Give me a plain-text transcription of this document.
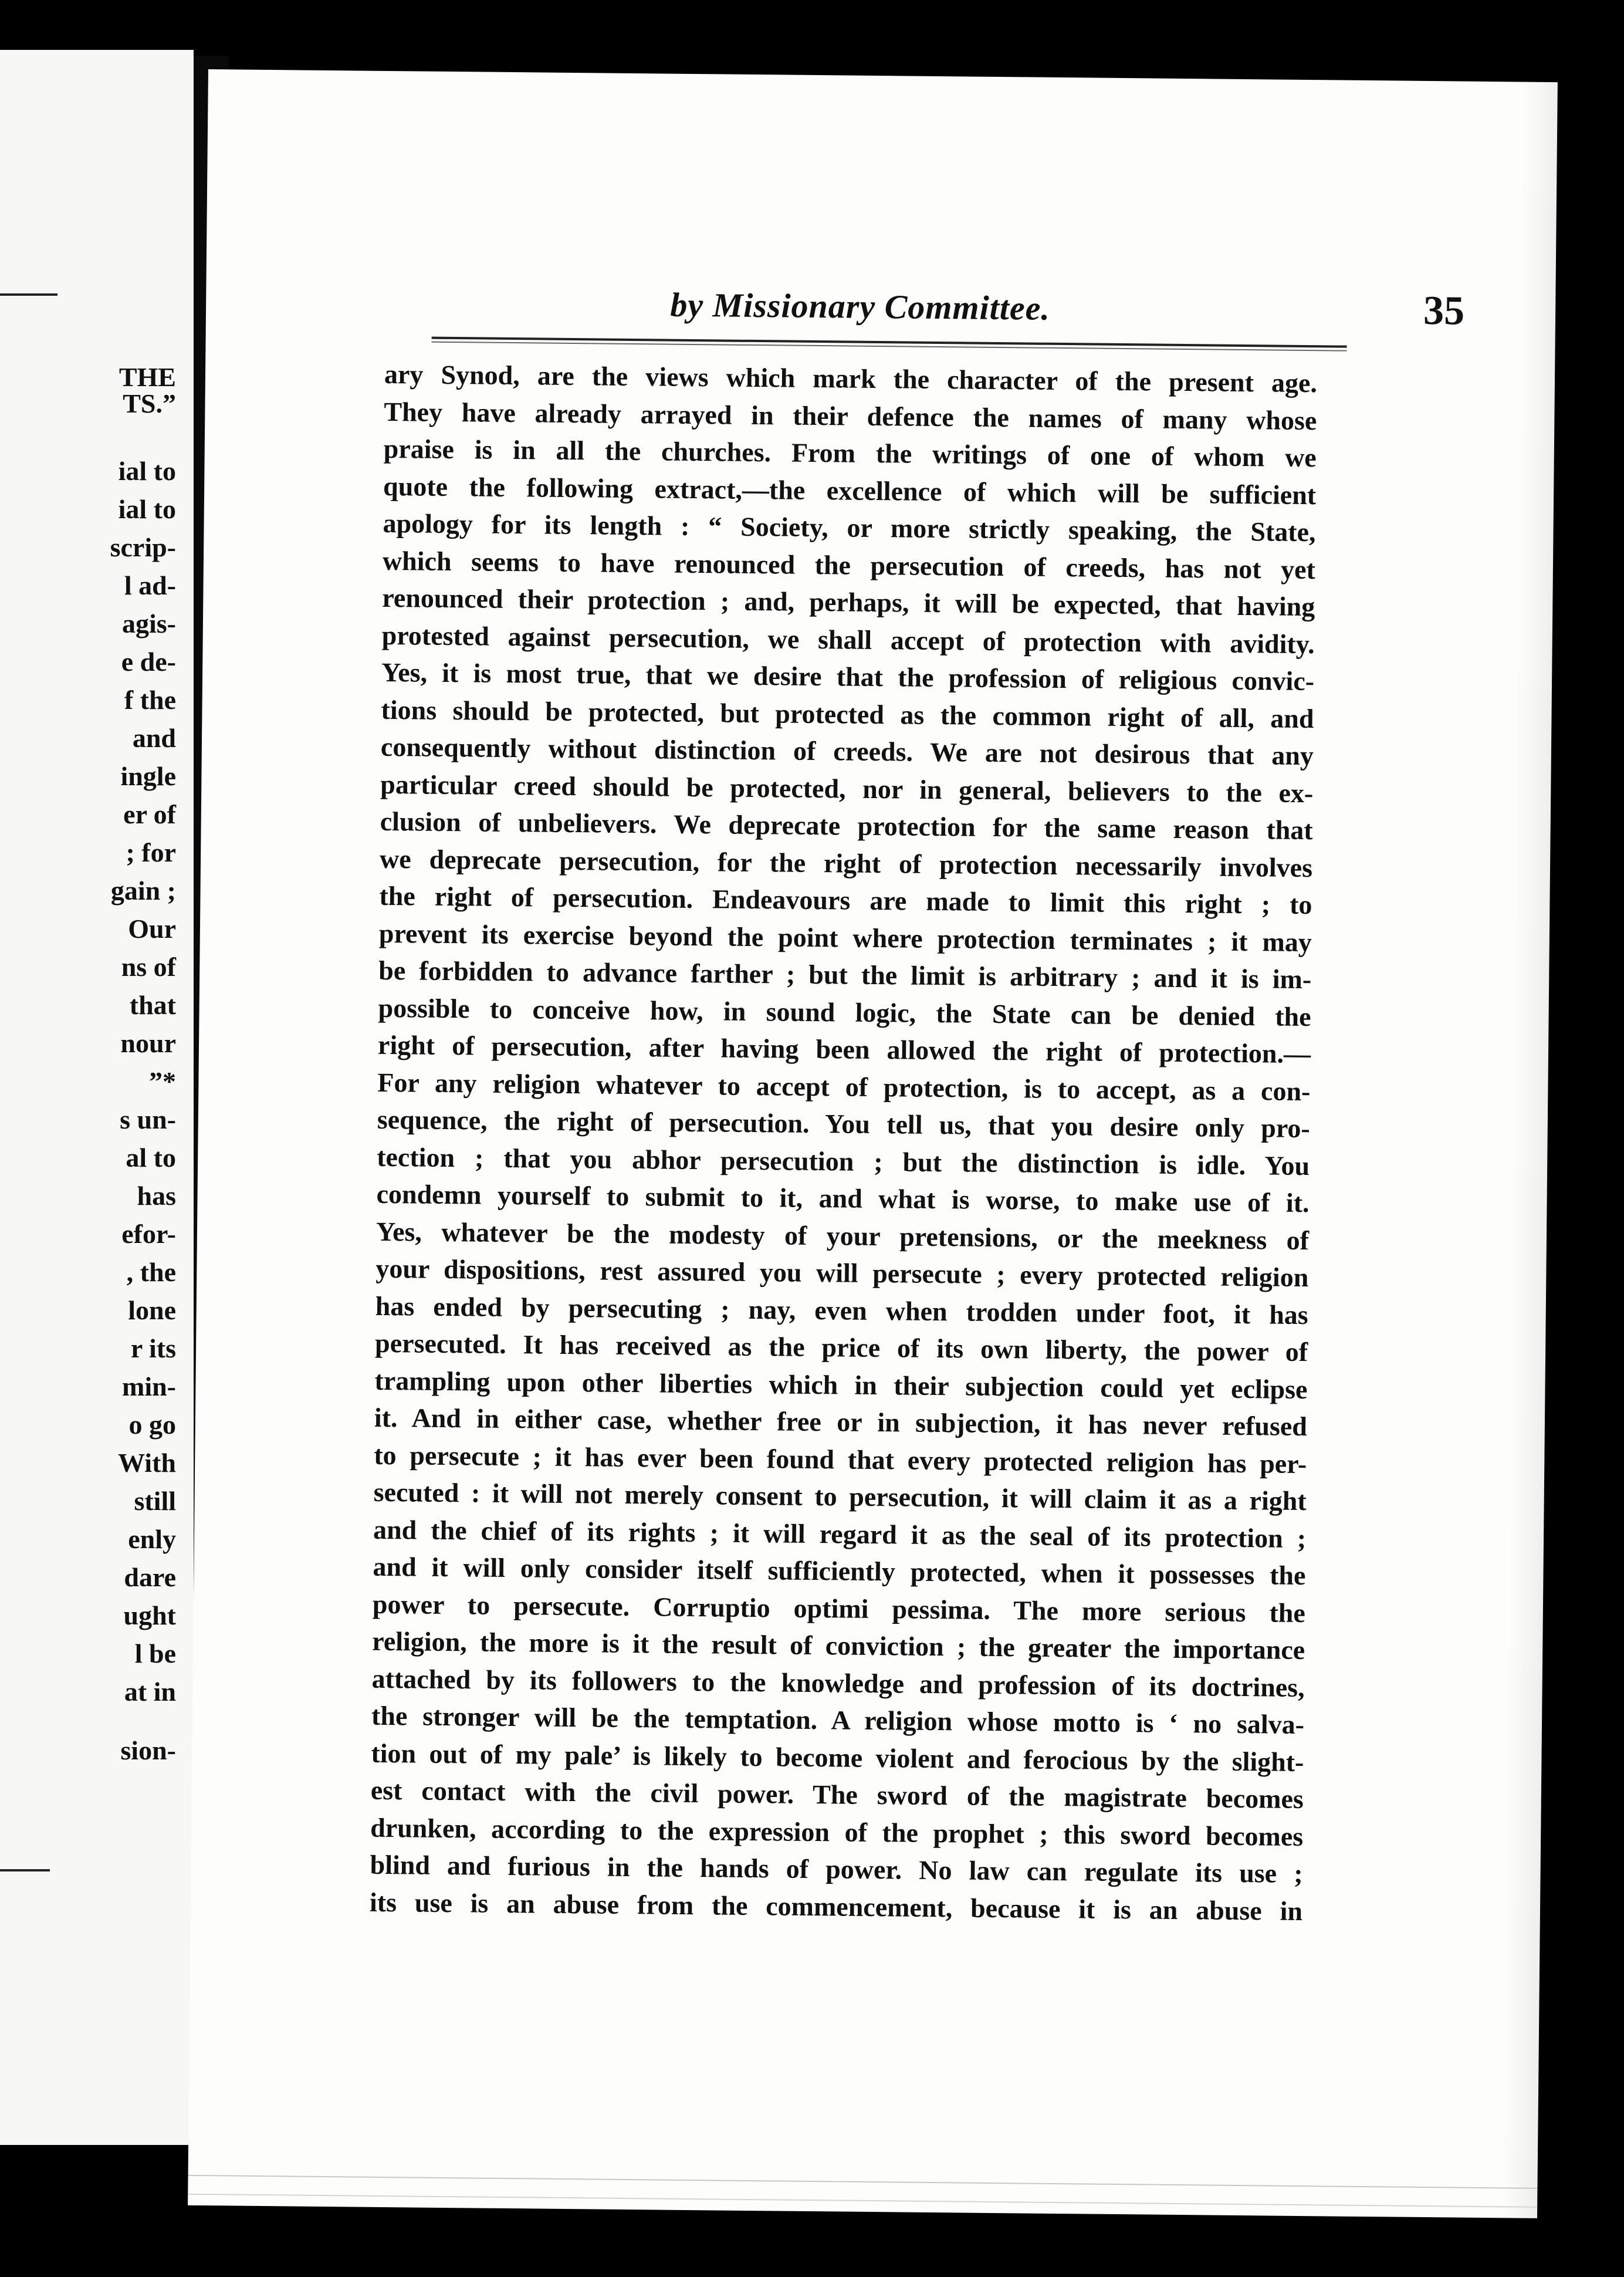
THE
TS.”
ial to
ial to
scrip-
l ad-
agis-
e de-
f the
and
ingle
er of
; for
gain ;
Our
ns of
that
nour
”*
s un-
al to
has
efor-
, the
lone
r its
min-
o go
With
still
enly
dare
ught
l be
at in
sion-
by Missionary Committee.	35
ary Synod, are the views which mark the character of the present age.
They have already arrayed in their defence the names of many whose
praise is in all the churches. From the writings of one of whom we
quote the following extract,—the excellence of which will be sufficient
apology for its length : “ Society, or more strictly speaking, the State,
which seems to have renounced the persecution of creeds, has not yet
renounced their protection ; and, perhaps, it will be expected, that having
protested against persecution, we shall accept of protection with avidity.
Yes, it is most true, that we desire that the profession of religious convic-
tions should be protected, but protected as the common right of all, and
consequently without distinction of creeds. We are not desirous that any
particular creed should be protected, nor in general, believers to the ex-
clusion of unbelievers. We deprecate protection for the same reason that
we deprecate persecution, for the right of protection necessarily involves
the right of persecution. Endeavours are made to limit this right ; to
prevent its exercise beyond the point where protection terminates ; it may
be forbidden to advance farther ; but the limit is arbitrary ; and it is im-
possible to conceive how, in sound logic, the State can be denied the
right of persecution, after having been allowed the right of protection.—
For any religion whatever to accept of protection, is to accept, as a con-
sequence, the right of persecution. You tell us, that you desire only pro-
tection ; that you abhor persecution ; but the distinction is idle. You
condemn yourself to submit to it, and what is worse, to make use of it.
Yes, whatever be the modesty of your pretensions, or the meekness of
your dispositions, rest assured you will persecute ; every protected religion
has ended by persecuting ; nay, even when trodden under foot, it has
persecuted. It has received as the price of its own liberty, the power of
trampling upon other liberties which in their subjection could yet eclipse
it. And in either case, whether free or in subjection, it has never refused
to persecute ; it has ever been found that every protected religion has per-
secuted : it will not merely consent to persecution, it will claim it as a right
and the chief of its rights ; it will regard it as the seal of its protection ;
and it will only consider itself sufficiently protected, when it possesses the
power to persecute. Corruptio optimi pessima. The more serious the
religion, the more is it the result of conviction ; the greater the importance
attached by its followers to the knowledge and profession of its doctrines,
the stronger will be the temptation. A religion whose motto is ‘ no salva-
tion out of my pale’ is likely to become violent and ferocious by the slight-
est contact with the civil power. The sword of the magistrate becomes
drunken, according to the expression of the prophet ; this sword becomes
blind and furious in the hands of power. No law can regulate its use ;
its use is an abuse from the commencement, because it is an abuse in
